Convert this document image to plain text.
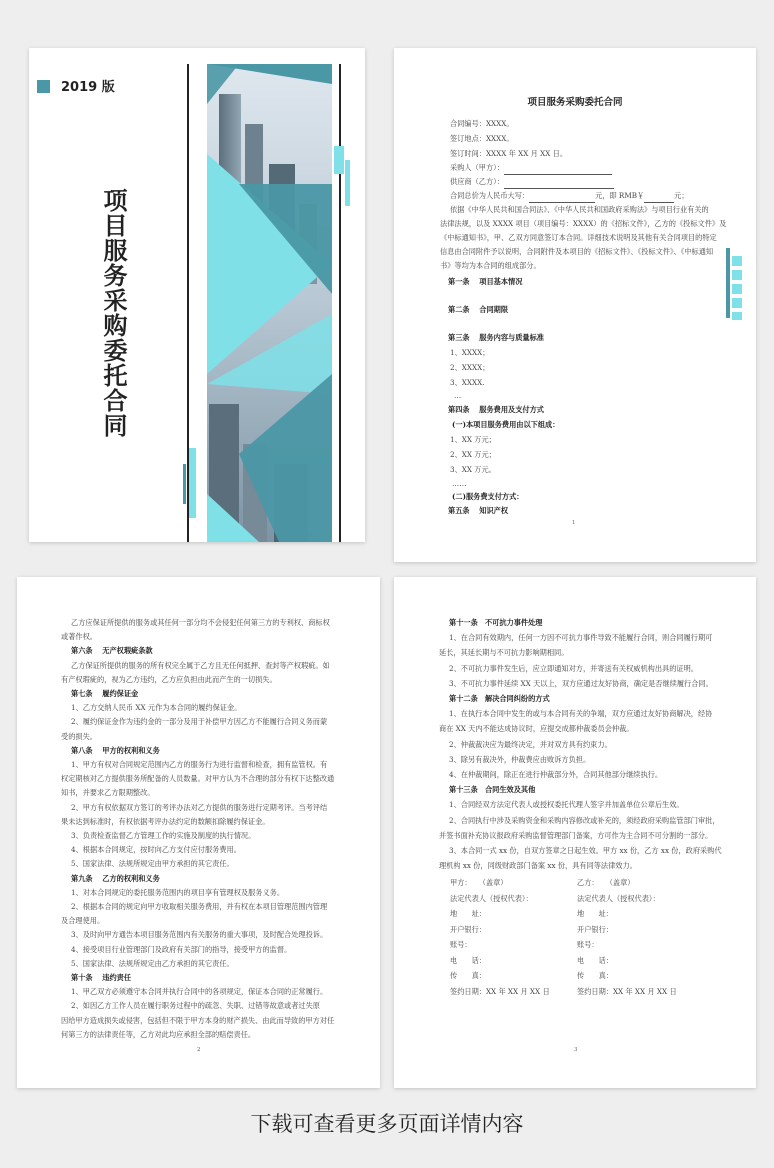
2019 版
项目服务采购委托合同
项目服务采购委托合同
合同编号：XXXX。
签订地点：XXXX。
签订时间：XXXX 年 XX 月 XX 日。
采购人（甲方）：
供应商（乙方）：
合同总价为人民币大写：	元，即 RMB￥	元；
依据《中华人民共和国合同法》、《中华人民共和国政府采购法》与项目行业有关的
法律法规，以及 XXXX 项目（项目编号：XXXX）的《招标文件》，乙方的《投标文件》及
《中标通知书》，甲、乙双方同意签订本合同。详细技术说明及其他有关合同项目的特定
信息由合同附件予以说明，合同附件及本项目的《招标文件》、《投标文件》、《中标通知
书》等均为本合同的组成部分。
第一条　 项目基本情况
第二条　 合同期限
第三条　 服务内容与质量标准
1、XXXX；
2、XXXX；
3、XXXX.
…
第四条　 服务费用及支付方式
(一)本项目服务费用由以下组成：
1、XX 万元；
2、XX 万元；
3、XX 万元。
……
(二)服务费支付方式：
第五条　 知识产权
1
乙方应保证所提供的服务或其任何一部分均不会侵犯任何第三方的专利权、商标权
或著作权。
第六条　 无产权瑕疵条款
乙方保证所提供的服务的所有权完全属于乙方且无任何抵押、查封等产权瑕疵。如
有产权瑕疵的，视为乙方违约，乙方应负担由此而产生的一切损失。
第七条　 履约保证金
1、乙方交纳人民币 XX 元作为本合同的履约保证金。
2、履约保证金作为违约金的一部分及用于补偿甲方因乙方不能履行合同义务而蒙
受的损失。
第八条　 甲方的权利和义务
1、甲方有权对合同规定范围内乙方的服务行为进行监督和检查，拥有监管权。有
权定期核对乙方提供服务所配备的人员数量。对甲方认为不合理的部分有权下达整改通
知书，并要求乙方限期整改。
2、甲方有权依据双方签订的考评办法对乙方提供的服务进行定期考评。当考评结
果未达到标准时，有权依据考评办法约定的数额扣除履约保证金。
3、负责检查监督乙方管理工作的实施及制度的执行情况。
4、根据本合同规定，按时向乙方支付应付服务费用。
5、国家法律、法规所规定由甲方承担的其它责任。
第九条　 乙方的权利和义务
1、对本合同规定的委托服务范围内的项目享有管理权及服务义务。
2、根据本合同的规定向甲方收取相关服务费用，并有权在本项目管理范围内管理
及合理使用。
3、及时向甲方通告本项目服务范围内有关服务的重大事项，及时配合处理投诉。
4、接受项目行业管理部门及政府有关部门的指导，接受甲方的监督。
5、国家法律、法规所规定由乙方承担的其它责任。
第十条　 违约责任
1、甲乙双方必须遵守本合同并执行合同中的各项规定，保证本合同的正常履行。
2、如因乙方工作人员在履行职务过程中的疏忽、失职、过错等故意或者过失原
因给甲方造成损失或侵害，包括但不限于甲方本身的财产损失、由此而导致的甲方对任
何第三方的法律责任等，乙方对此均应承担全部的赔偿责任。
2
第十一条　不可抗力事件处理
1、在合同有效期内，任何一方因不可抗力事件导致不能履行合同，则合同履行期可
延长，其延长期与不可抗力影响期相同。
2、不可抗力事件发生后，应立即通知对方，并寄送有关权威机构出具的证明。
3、不可抗力事件延续 XX 天以上，双方应通过友好协商，确定是否继续履行合同。
第十二条　解决合同纠纷的方式
1、在执行本合同中发生的或与本合同有关的争端，双方应通过友好协商解决，经协
商在 XX 天内不能达成协议时，应提交成都仲裁委员会仲裁。
2、仲裁裁决应为最终决定，并对双方具有约束力。
3、除另有裁决外，仲裁费应由败诉方负担。
4、在仲裁期间，除正在进行仲裁部分外，合同其他部分继续执行。
第十三条　合同生效及其他
1、合同经双方法定代表人或授权委托代理人签字并加盖单位公章后生效。
2、合同执行中涉及采购资金和采购内容修改或补充的，须经政府采购监管部门审批，
并签书面补充协议报政府采购监督管理部门备案，方可作为主合同不可分割的一部分。
3、本合同一式 xx 份，自双方签章之日起生效。甲方 xx 份，乙方 xx 份，政府采购代
理机构 xx 份，同级财政部门备案 xx 份，具有同等法律效力。
甲方：　　（盖章）
法定代表人（授权代表）：
地　　址：
开户银行：
账号：
电　　话：
传　　真：
签约日期：XX 年 XX 月 XX 日
乙方：　　（盖章）
法定代表人（授权代表）：
地　　址：
开户银行：
账号：
电　　话：
传　　真：
签约日期：XX 年 XX 月 XX 日
3
下载可查看更多页面详情内容
